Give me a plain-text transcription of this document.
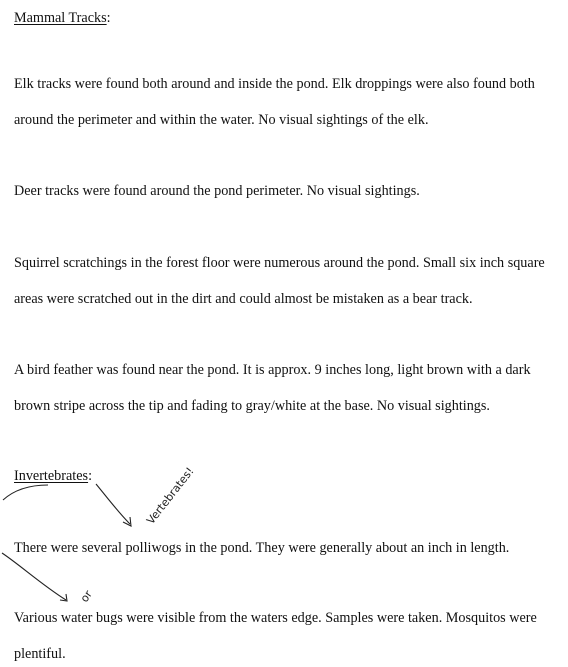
Mammal Tracks:
Elk tracks were found both around and inside the pond. Elk droppings were also found both
around the perimeter and within the water. No visual sightings of the elk.
Deer tracks were found around the pond perimeter. No visual sightings.
Squirrel scratchings in the forest floor were numerous around the pond. Small six inch square
areas were scratched out in the dirt and could almost be mistaken as a bear track.
A bird feather was found near the pond. It is approx. 9 inches long, light brown with a dark
brown stripe across the tip and fading to gray/white at the base. No visual sightings.
Invertebrates:
There were several polliwogs in the pond. They were generally about an inch in length.
Various water bugs were visible from the waters edge. Samples were taken. Mosquitos were
plentiful.
Vertebrates!
or
